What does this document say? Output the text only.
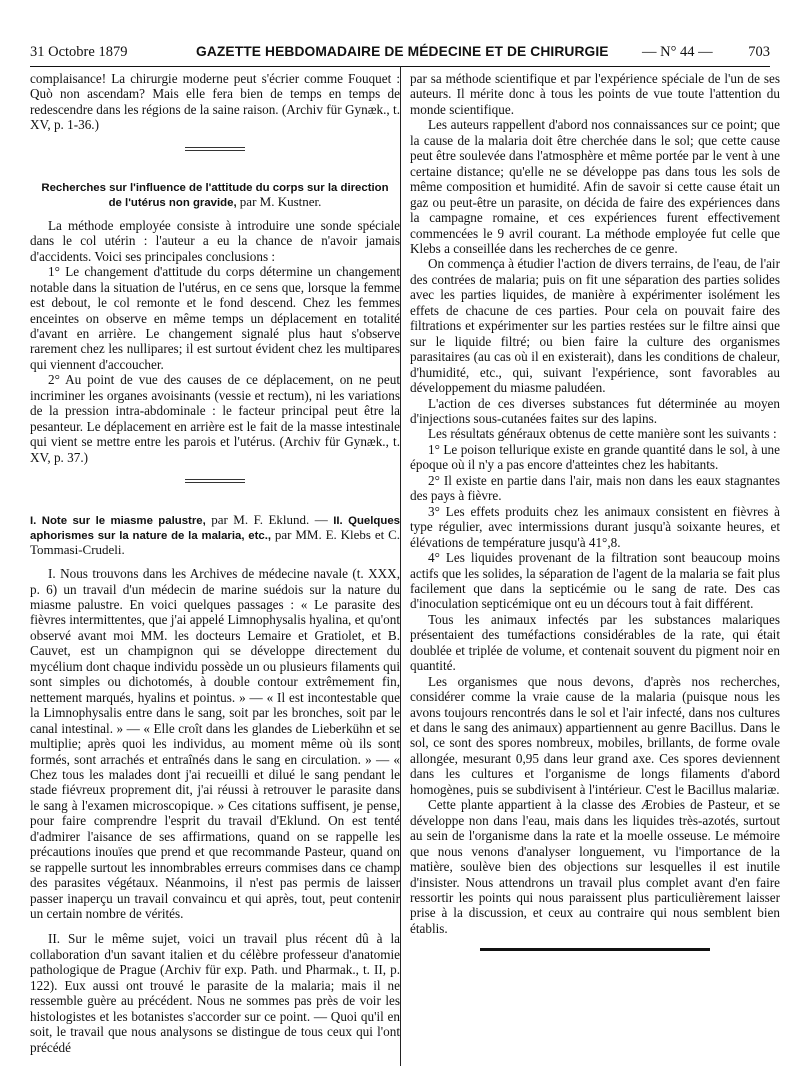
31 Octobre 1879	GAZETTE HEBDOMADAIRE DE MÉDECINE ET DE CHIRURGIE — N° 44 — 703

complaisance! La chirurgie moderne peut s'écrier comme Fouquet : Quò non ascendam? Mais elle fera bien de temps en temps de redescendre dans les régions de la saine raison. (Archiv für Gynæk., t. XV, p. 1-36.)

Recherches sur l'influence de l'attitude du corps sur la direction de l'utérus non gravide, par M. Kustner.

La méthode employée consiste à introduire une sonde spéciale dans le col utérin : l'auteur a eu la chance de n'avoir jamais d'accidents. Voici ses principales conclusions :

1° Le changement d'attitude du corps détermine un changement notable dans la situation de l'utérus, en ce sens que, lorsque la femme est debout, le col remonte et le fond descend. Chez les femmes enceintes on observe en même temps un déplacement en totalité d'avant en arrière. Le changement signalé plus haut s'observe rarement chez les nullipares; il est surtout évident chez les multipares qui viennent d'accoucher.

2° Au point de vue des causes de ce déplacement, on ne peut incriminer les organes avoisinants (vessie et rectum), ni les variations de la pression intra-abdominale : le facteur principal peut être la pesanteur. Le déplacement en arrière est le fait de la masse intestinale qui vient se mettre entre les parois et l'utérus. (Archiv für Gynæk., t. XV, p. 37.)

I. Note sur le miasme palustre, par M. F. Eklund. — II. Quelques aphorismes sur la nature de la malaria, etc., par MM. E. Klebs et C. Tommasi-Crudeli.

I. Nous trouvons dans les Archives de médecine navale (t. XXX, p. 6) un travail d'un médecin de marine suédois sur la nature du miasme palustre. En voici quelques passages : « Le parasite des fièvres intermittentes, que j'ai appelé Limnophysalis hyalina, et qu'ont observé avant moi MM. les docteurs Lemaire et Gratiolet, et B. Cauvet, est un champignon qui se développe directement du mycélium dont chaque individu possède un ou plusieurs filaments qui sont simples ou dichotomés, à double contour extrêmement fin, nettement marqués, hyalins et pointus. » — « Il est incontestable que la Limnophysalis entre dans le sang, soit par les bronches, soit par le canal intestinal. » — « Elle croît dans les glandes de Lieberkühn et se multiplie; après quoi les individus, au moment même où ils sont formés, sont arrachés et entraînés dans le sang en circulation. » — « Chez tous les malades dont j'ai recueilli et dilué le sang pendant le stade fiévreux proprement dit, j'ai réussi à retrouver le parasite dans le sang à l'examen microscopique. » Ces citations suffisent, je pense, pour faire comprendre l'esprit du travail d'Eklund. On est tenté d'admirer l'aisance de ses affirmations, quand on se rappelle les précautions inouïes que prend et que recommande Pasteur, quand on se rappelle surtout les innombrables erreurs commises dans ce champ des parasites végétaux. Néanmoins, il n'est pas permis de laisser passer inaperçu un travail convaincu et qui après, tout, peut contenir un certain nombre de vérités.

II. Sur le même sujet, voici un travail plus récent dû à la collaboration d'un savant italien et du célèbre professeur d'anatomie pathologique de Prague (Archiv für exp. Path. und Pharmak., t. II, p. 122). Eux aussi ont trouvé le parasite de la malaria; mais il ne ressemble guère au précédent. Nous ne sommes pas près de voir les histologistes et les botanistes s'accorder sur ce point. — Quoi qu'il en soit, le travail que nous analysons se distingue de tous ceux qui l'ont précédé

par sa méthode scientifique et par l'expérience spéciale de l'un de ses auteurs. Il mérite donc à tous les points de vue toute l'attention du monde scientifique.

Les auteurs rappellent d'abord nos connaissances sur ce point; que la cause de la malaria doit être cherchée dans le sol; que cette cause peut être soulevée dans l'atmosphère et même portée par le vent à une certaine distance; qu'elle ne se développe pas dans tous les sols de même composition et humidité. Afin de savoir si cette cause était un gaz ou peut-être un parasite, on décida de faire des expériences dans la campagne romaine, et ces expériences furent effectivement commencées le 9 avril courant. La méthode employée fut celle que Klebs a conseillée dans les recherches de ce genre.

On commença à étudier l'action de divers terrains, de l'eau, de l'air des contrées de malaria; puis on fit une séparation des parties solides avec les parties liquides, de manière à expérimenter isolément les effets de chacune de ces parties. Pour cela on pouvait faire des filtrations et expérimenter sur les parties restées sur le filtre ainsi que sur le liquide filtré; ou bien faire la culture des organismes parasitaires (au cas où il en existerait), dans les conditions de chaleur, d'humidité, etc., qui, suivant l'expérience, sont favorables au développement du miasme paludéen.

L'action de ces diverses substances fut déterminée au moyen d'injections sous-cutanées faites sur des lapins.

Les résultats généraux obtenus de cette manière sont les suivants :

1° Le poison tellurique existe en grande quantité dans le sol, à une époque où il n'y a pas encore d'atteintes chez les habitants.

2° Il existe en partie dans l'air, mais non dans les eaux stagnantes des pays à fièvre.

3° Les effets produits chez les animaux consistent en fièvres à type régulier, avec intermissions durant jusqu'à soixante heures, et élévations de température jusqu'à 41°,8.

4° Les liquides provenant de la filtration sont beaucoup moins actifs que les solides, la séparation de l'agent de la malaria se fait plus facilement que dans la septicémie ou le sang de rate. Des cas d'inoculation septicémique ont eu un décours tout à fait différent.

Tous les animaux infectés par les substances malariques présentaient des tuméfactions considérables de la rate, qui était doublée et triplée de volume, et contenait souvent du pigment noir en quantité.

Les organismes que nous devons, d'après nos recherches, considérer comme la vraie cause de la malaria (puisque nous les avons toujours rencontrés dans le sol et l'air infecté, dans nos cultures et dans le sang des animaux) appartiennent au genre Bacillus. Dans le sol, ce sont des spores nombreux, mobiles, brillants, de forme ovale allongée, mesurant 0,95 dans leur grand axe. Ces spores deviennent dans les cultures et l'organisme de longs filaments d'abord homogènes, puis se subdivisent à l'intérieur. C'est le Bacillus malariæ.

Cette plante appartient à la classe des Ærobies de Pasteur, et se développe non dans l'eau, mais dans les liquides très-azotés, surtout au sein de l'organisme dans la rate et la moelle osseuse. Le mémoire que nous venons d'analyser longuement, vu l'importance de la matière, soulève bien des objections sur lesquelles il est inutile d'insister. Nous attendrons un travail plus complet avant d'en faire ressortir les points qui nous paraissent plus particulièrement laisser prise à la discussion, et ceux au contraire qui nous semblent bien établis.
